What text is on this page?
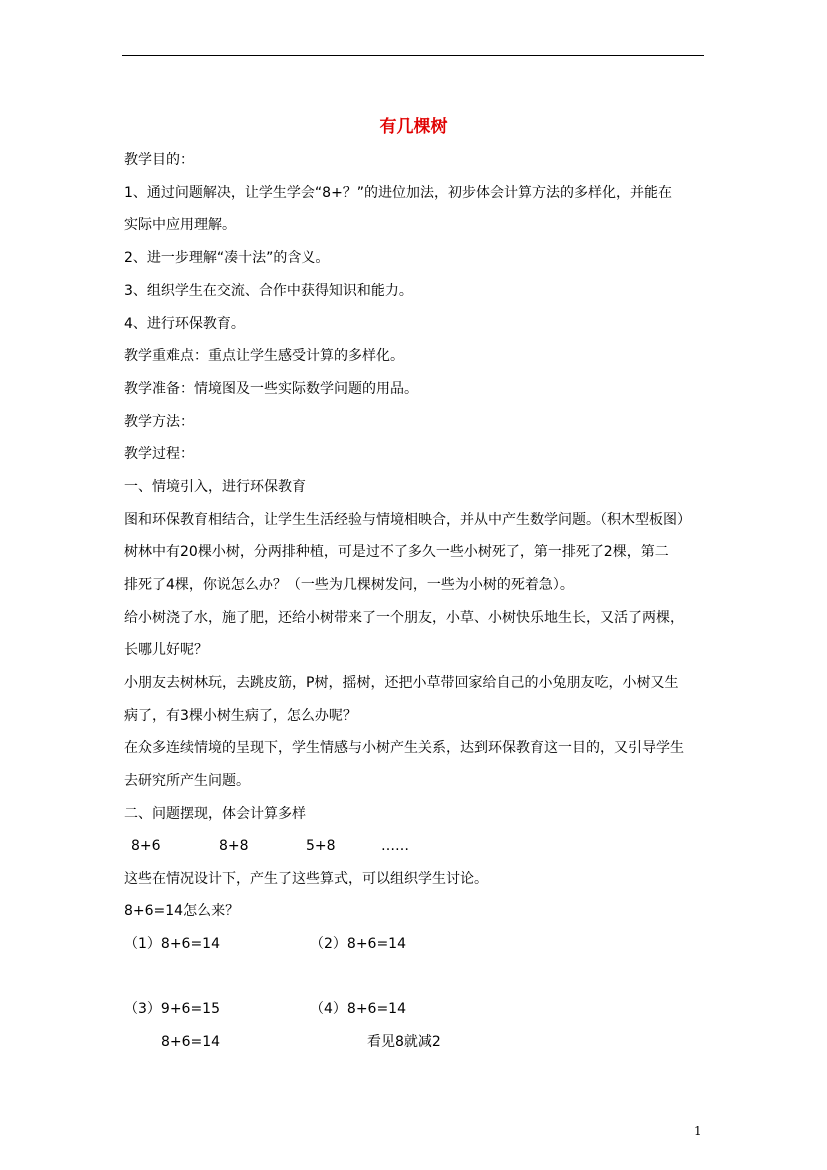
有几棵树
教学目的：
1、通过问题解决，让学生学会“8+？”的进位加法，初步体会计算方法的多样化，并能在
实际中应用理解。
2、进一步理解“凑十法”的含义。
3、组织学生在交流、合作中获得知识和能力。
4、进行环保教育。
教学重难点：重点让学生感受计算的多样化。
教学准备：情境图及一些实际数学问题的用品。
教学方法：
教学过程：
一、情境引入，进行环保教育
图和环保教育相结合，让学生生活经验与情境相映合，并从中产生数学问题。（积木型板图）
树林中有20棵小树，分两排种植，可是过不了多久一些小树死了，第一排死了2棵，第二
排死了4棵，你说怎么办？（一些为几棵树发问，一些为小树的死着急）。
给小树浇了水，施了肥，还给小树带来了一个朋友，小草、小树快乐地生长，又活了两棵，
长哪儿好呢？
小朋友去树林玩，去跳皮筋，P树，摇树，还把小草带回家给自己的小兔朋友吃，小树又生
病了，有3棵小树生病了，怎么办呢？
在众多连续情境的呈现下，学生情感与小树产生关系，达到环保教育这一目的，又引导学生
去研究所产生问题。
二、问题摆现，体会计算多样
8+6	8+8	5+8	……
这些在情况设计下，产生了这些算式，可以组织学生讨论。
8+6=14怎么来？
（1）8+6=14	（2）8+6=14
（3）9+6=15	（4）8+6=14
8+6=14	看见8就减2
1
